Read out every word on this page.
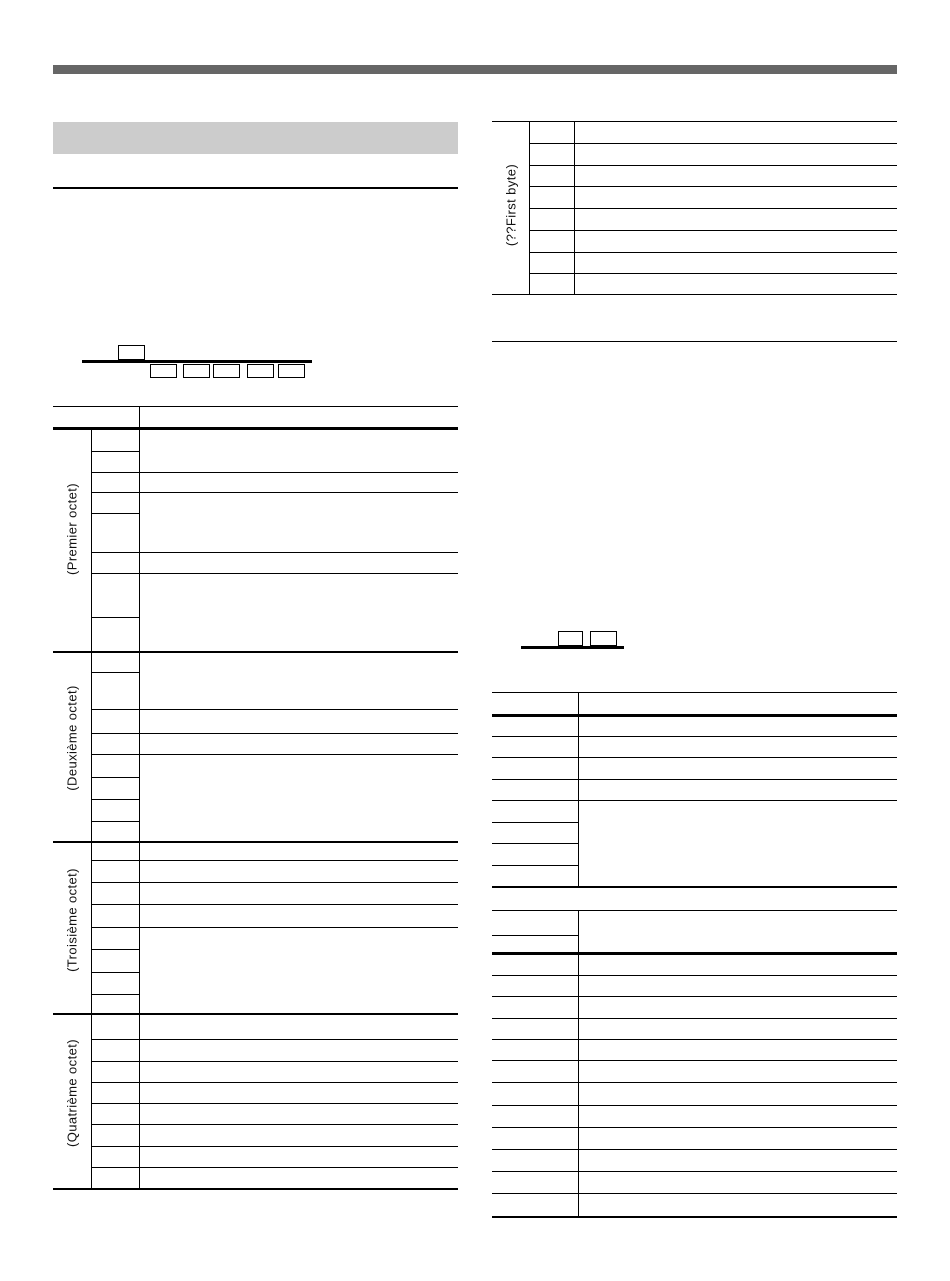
(Premier octet)
(Deuxième octet)
(Troisième octet)
(Quatrième octet)
(??First byte)
